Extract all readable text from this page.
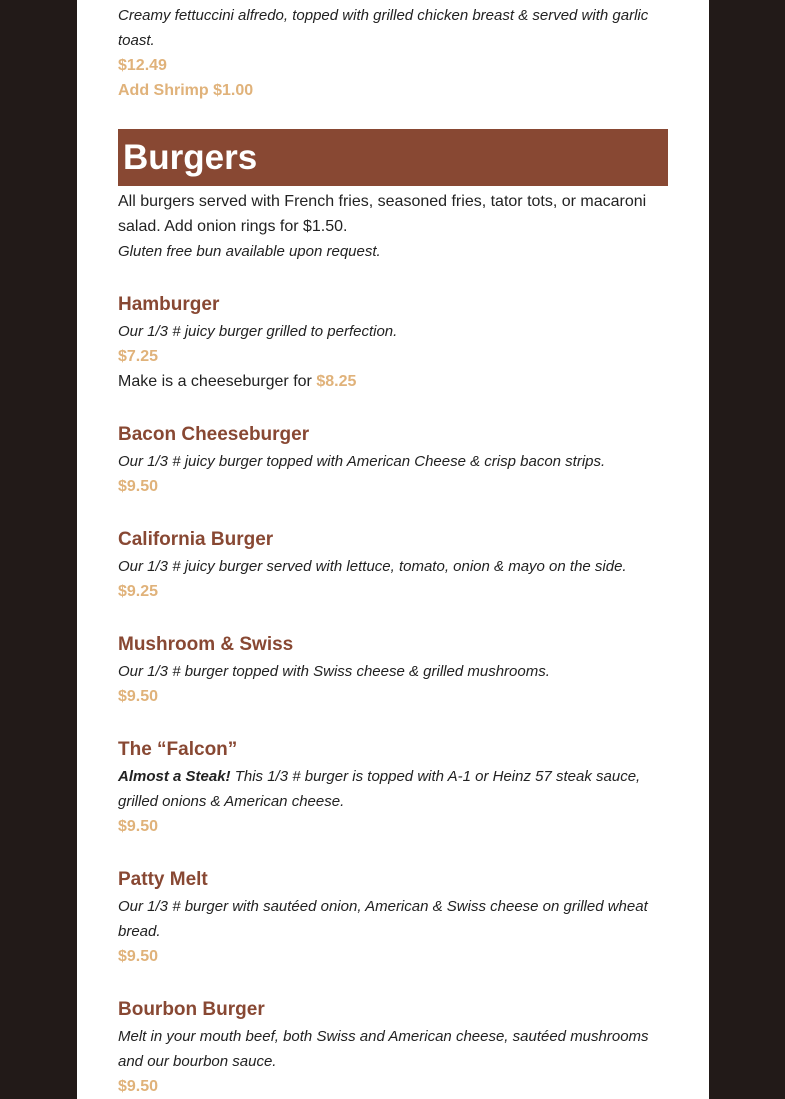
Creamy fettuccini alfredo, topped with grilled chicken breast & served with garlic toast.

$12.49

Add Shrimp $1.00

Burgers

All burgers served with French fries, seasoned fries, tator tots, or macaroni salad. Add onion rings for $1.50.

Gluten free bun available upon request.

Hamburger

Our 1/3 # juicy burger grilled to perfection.

$7.25

Make is a cheeseburger for $8.25

Bacon Cheeseburger

Our 1/3 # juicy burger topped with American Cheese & crisp bacon strips.

$9.50

California Burger

Our 1/3 # juicy burger served with lettuce, tomato, onion & mayo on the side.

$9.25

Mushroom & Swiss

Our 1/3 # burger topped with Swiss cheese & grilled mushrooms.

$9.50

The “Falcon”

Almost a Steak! This 1/3 # burger is topped with A-1 or Heinz 57 steak sauce, grilled onions & American cheese.

$9.50

Patty Melt

Our 1/3 # burger with sautéed onion, American & Swiss cheese on grilled wheat bread.

$9.50

Bourbon Burger

Melt in your mouth beef, both Swiss and American cheese, sautéed mushrooms and our bourbon sauce.

$9.50
